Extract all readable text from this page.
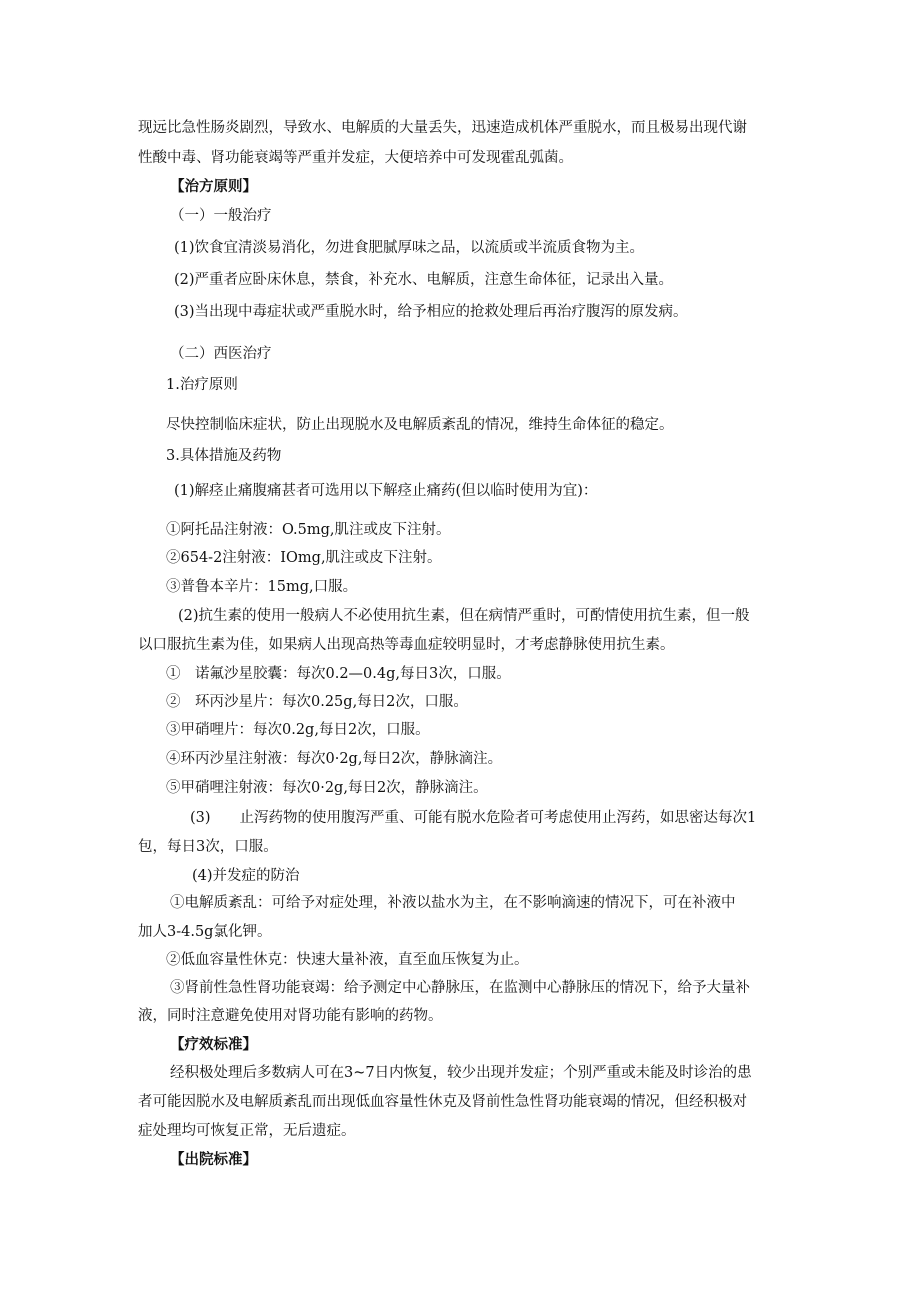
现远比急性肠炎剧烈，导致水、电解质的大量丢失，迅速造成机体严重脱水，而且极易出现代谢
性酸中毒、肾功能衰竭等严重并发症，大便培养中可发现霍乱弧菌。
【治方原则】
（一）一般治疗
(1)饮食宜清淡易消化，勿进食肥腻厚味之品，以流质或半流质食物为主。
(2)严重者应卧床休息，禁食，补充水、电解质，注意生命体征，记录出入量。
(3)当出现中毒症状或严重脱水时，给予相应的抢救处理后再治疗腹泻的原发病。
（二）西医治疗
1.治疗原则
尽快控制临床症状，防止出现脱水及电解质紊乱的情况，维持生命体征的稳定。
3.具体措施及药物
(1)解痉止痛腹痛甚者可选用以下解痉止痛药(但以临时使用为宜)：
①阿托品注射液：O.5mg,肌注或皮下注射。
②654-2注射液：IOmg,肌注或皮下注射。
③普鲁本辛片：15mg,口服。
(2)抗生素的使用一般病人不必使用抗生素，但在病情严重时，可酌情使用抗生素，但一般
以口服抗生素为佳，如果病人出现高热等毒血症较明显时，才考虑静脉使用抗生素。
①　诺氟沙星胶囊：每次0.2—0.4g,每日3次，口服。
②　环丙沙星片：每次0.25g,每日2次，口服。
③甲硝哩片：每次0.2g,每日2次，口服。
④环丙沙星注射液：每次0·2g,每日2次，静脉滴注。
⑤甲硝哩注射液：每次0·2g,每日2次，静脉滴注。
(3)　　止泻药物的使用腹泻严重、可能有脱水危险者可考虑使用止泻药，如思密达每次1
包，每日3次，口服。
(4)并发症的防治
①电解质紊乱：可给予对症处理，补液以盐水为主，在不影响滴速的情况下，可在补液中
加人3-4.5g氯化钾。
②低血容量性休克：快速大量补液，直至血压恢复为止。
③肾前性急性肾功能衰竭：给予测定中心静脉压，在监测中心静脉压的情况下，给予大量补
液，同时注意避免使用对肾功能有影响的药物。
【疗效标准】
经积极处理后多数病人可在3~7日内恢复，较少出现并发症；个别严重或未能及时诊治的患
者可能因脱水及电解质紊乱而出现低血容量性休克及肾前性急性肾功能衰竭的情况，但经积极对
症处理均可恢复正常，无后遗症。
【出院标准】
